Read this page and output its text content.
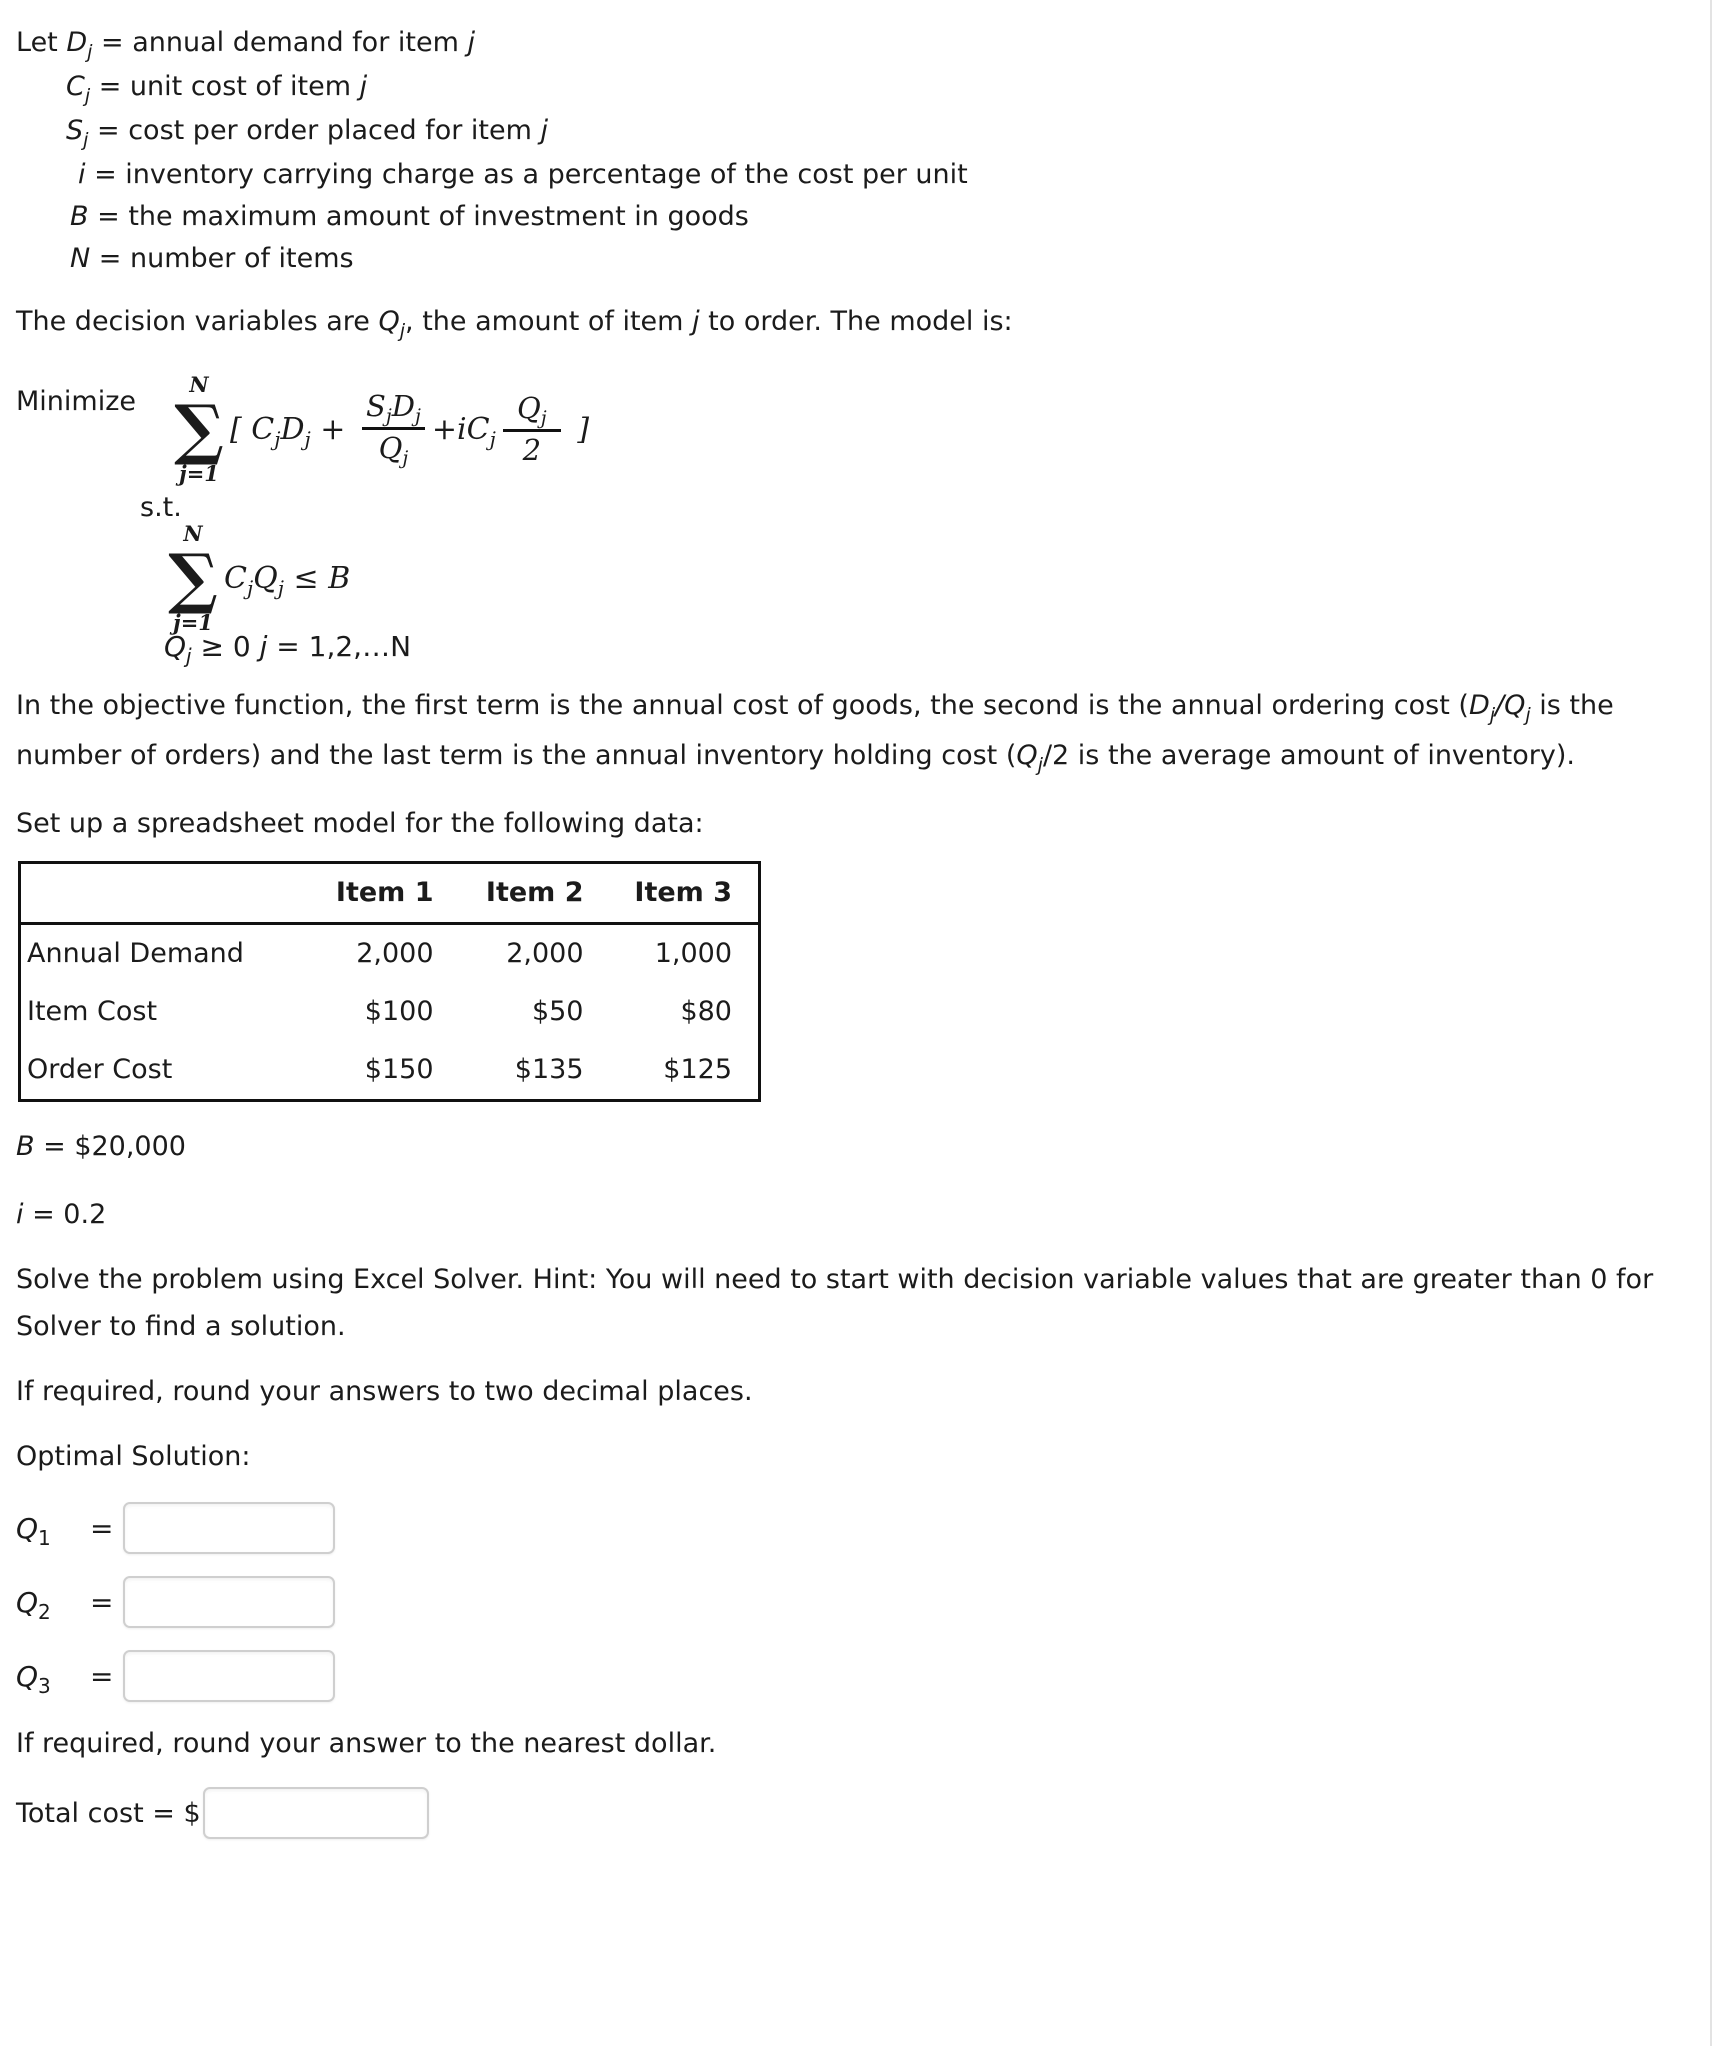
Let $D_j$ = annual demand for item j
$C_j$ = unit cost of item j
$S_j = \cos t$ per order placed for item j
i = inventory carrying charge as a percentage of the cost per unit
B = the maximum amount of investment in goods
N = number of items

The decision variables are $Q_j$, the amount of item j to order. The model is:

Minimize
N
∑
j=1
[ $C_jD_j + \frac{S_jD_j}{Q_j} + iC_j \frac{Q_j}{2}$ ]
s.t.
N
∑
j=1
$C_jQ_j \le B$
$Q_j \ge 0$ j = 1,2,…N

In the objective function, the first term is the annual cost of goods, the second is the annual ordering cost ($D_j/Q_j$ is the number of orders) and the last term is the annual inventory holding cost ($Q_j/2$ is the average amount of inventory).

Set up a spreadsheet model for the following data:

	Item 1	Item 2	Item 3
Annual Demand	2,000	2,000	1,000
Item Cost	$100	$50	$80
Order Cost	$150	$135	$125
B = $20,000
i = 0.2

Solve the problem using Excel Solver. Hint: You will need to start with decision variable values that are greater than 0 for Solver to find a solution.

If required, round your answers to two decimal places.

Optimal Solution:

$Q_1$	=
$Q_2$	=
$Q_3$	=

If required, round your answer to the nearest dollar.

Total cost = $
